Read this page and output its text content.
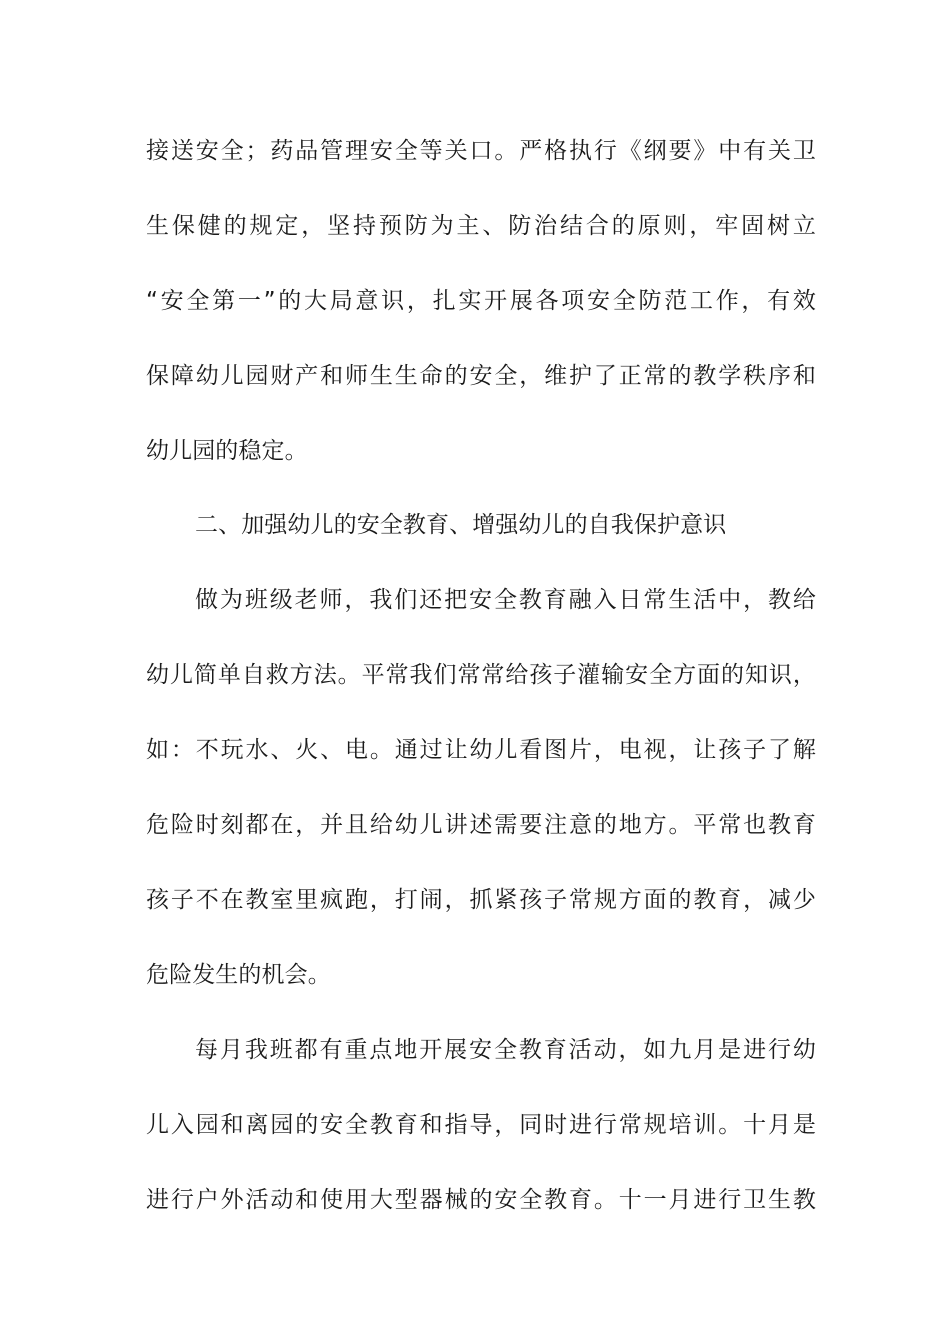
接送安全；药品管理安全等关口。严格执行《纲要》中有关卫
生保健的规定，坚持预防为主、防治结合的原则，牢固树立
“安全第一”的大局意识，扎实开展各项安全防范工作，有效
保障幼儿园财产和师生生命的安全，维护了正常的教学秩序和
幼儿园的稳定。
二、加强幼儿的安全教育、增强幼儿的自我保护意识
做为班级老师，我们还把安全教育融入日常生活中，教给
幼儿简单自救方法。平常我们常常给孩子灌输安全方面的知识，
如：不玩水、火、电。通过让幼儿看图片，电视，让孩子了解
危险时刻都在，并且给幼儿讲述需要注意的地方。平常也教育
孩子不在教室里疯跑，打闹，抓紧孩子常规方面的教育，减少
危险发生的机会。
每月我班都有重点地开展安全教育活动，如九月是进行幼
儿入园和离园的安全教育和指导，同时进行常规培训。十月是
进行户外活动和使用大型器械的安全教育。十一月进行卫生教
